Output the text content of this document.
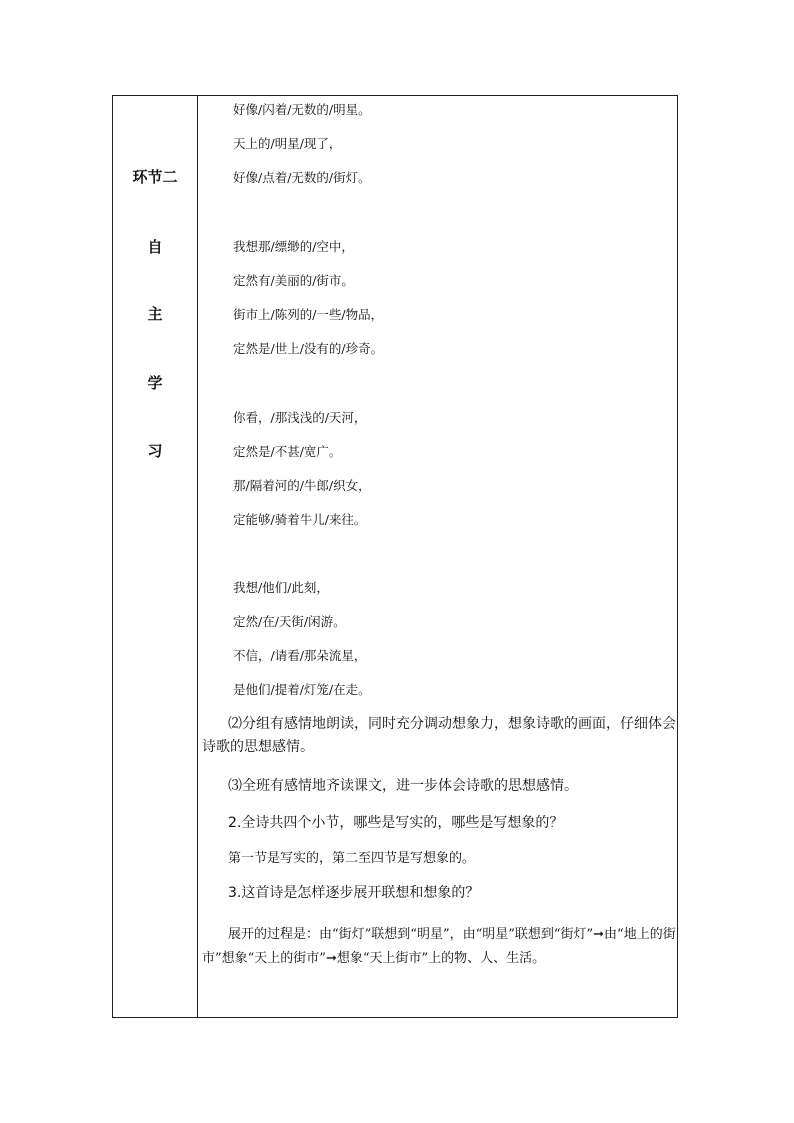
环节二
自
主
学
习
好像/闪着/无数的/明星。
天上的/明星/现了，
好像/点着/无数的/街灯。
我想那/缥缈的/空中，
定然有/美丽的/街市。
街市上/陈列的/一些/物品，
定然是/世上/没有的/珍奇。
你看，/那浅浅的/天河，
定然是/不甚/宽广。
那/隔着河的/牛郎/织女，
定能够/骑着牛儿/来往。
我想/他们/此刻，
定然/在/天街/闲游。
不信，/请看/那朵流星，
是他们/提着/灯笼/在走。
⑵分组有感情地朗读，同时充分调动想象力，想象诗歌的画面，仔细体会诗歌的思想感情。
⑶全班有感情地齐读课文，进一步体会诗歌的思想感情。
2.全诗共四个小节，哪些是写实的，哪些是写想象的？
第一节是写实的，第二至四节是写想象的。
3.这首诗是怎样逐步展开联想和想象的？
展开的过程是：由“街灯”联想到“明星”，由“明星”联想到“街灯”➞由“地上的街市”想象“天上的街市”➞想象“天上街市”上的物、人、生活。
